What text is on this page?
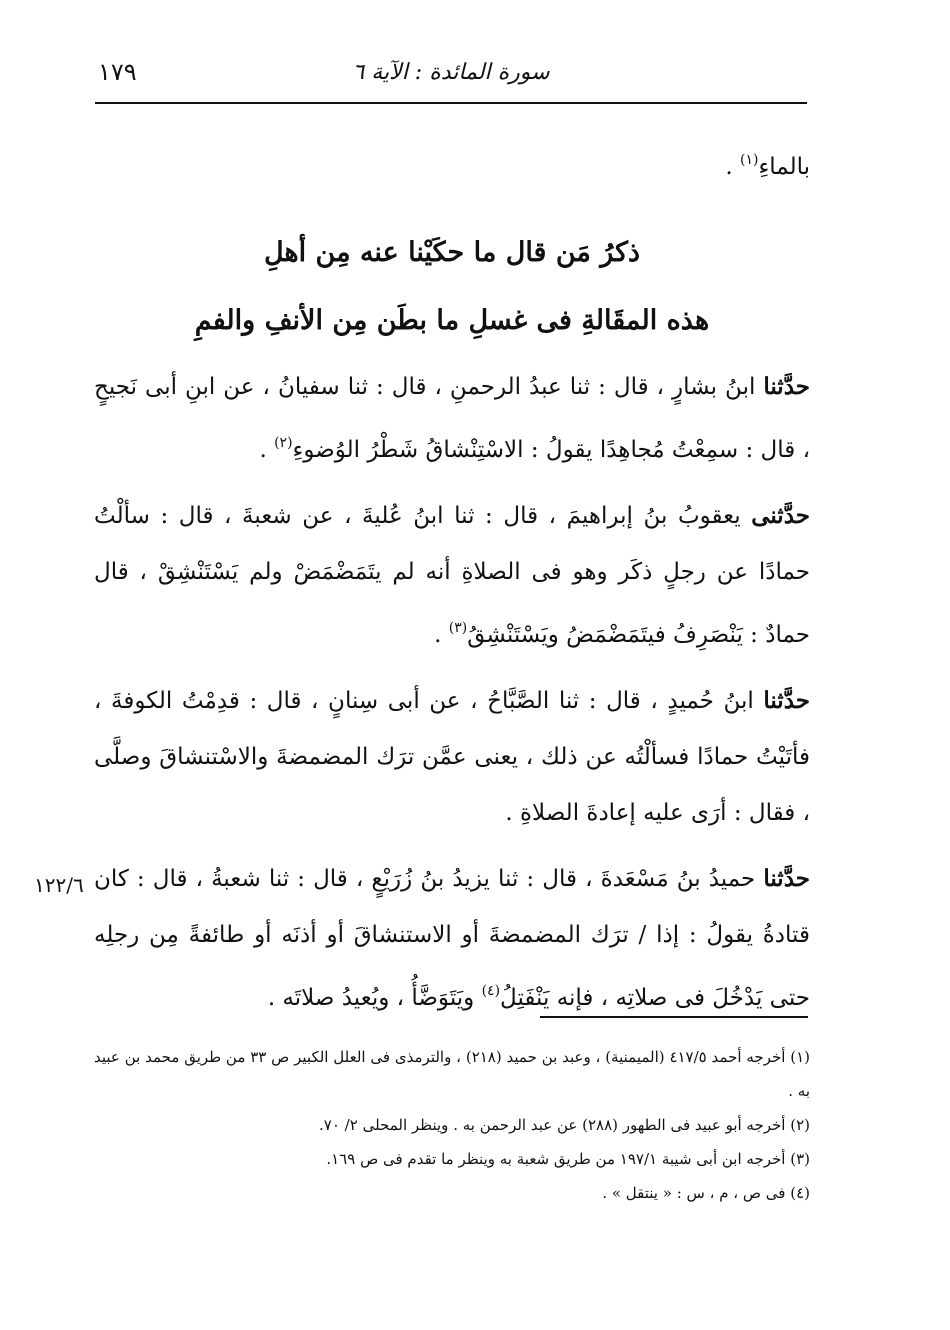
سورة المائدة : الآية ٦
١٧٩

بالماءِ$^{(١)}$ .

ذكرُ مَن قال ما حكَيْنا عنه مِن أهلِ

هذه المقَالةِ فى غسلِ ما بطَن مِن الأنفِ والفمِ

حدَّثنا ابنُ بشارٍ ، قال : ثنا عبدُ الرحمنِ ، قال : ثنا سفيانُ ، عن ابنِ أبى نَجيحٍ ، قال : سمِعْتُ مُجاهِدًا يقولُ : الاسْتِنْشاقُ شَطْرُ الوُضوءِ$^{(٢)}$ .

حدَّثنى يعقوبُ بنُ إبراهيمَ ، قال : ثنا ابنُ عُليةَ ، عن شعبةَ ، قال : سألْتُ حمادًا عن رجلٍ ذكَر وهو فى الصلاةِ أنه لم يتَمَضْمَضْ ولم يَسْتَنْشِقْ ، قال حمادٌ : يَنْصَرِفُ فيتَمَضْمَضُ ويَسْتَنْشِقُ$^{(٣)}$ .

حدَّثنا ابنُ حُميدٍ ، قال : ثنا الصَّبَّاحُ ، عن أبى سِنانٍ ، قال : قدِمْتُ الكوفةَ ، فأتَيْتُ حمادًا فسألْتُه عن ذلك ، يعنى عمَّن ترَك المضمضةَ والاسْتنشاقَ وصلَّى ، فقال : أرَى عليه إعادةَ الصلاةِ .

حدَّثنا حميدُ بنُ مَسْعَدةَ ، قال : ثنا يزيدُ بنُ زُرَيْعٍ ، قال : ثنا شعبةُ ، قال : كان قتادةُ يقولُ : إذا / ترَك المضمضةَ أو الاستنشاقَ أو أذنَه أو طائفةً مِن رجلِه حتى يَدْخُلَ فى صلاتِه ، فإنه يَنْفَتِلُ$^{(٤)}$ ويَتَوَضَّأُ ، ويُعيدُ صلاتَه .

١٢٢/٦

(١) أخرجه أحمد ٤١٧/٥ (الميمنية) ، وعبد بن حميد (٢١٨) ، والترمذى فى العلل الكبير ص ٣٣ من طريق محمد بن عبيد به .

(٢) أخرجه أبو عبيد فى الطهور (٢٨٨) عن عبد الرحمن به . وينظر المحلى ٢/ ٧٠.

(٣) أخرجه ابن أبى شيبة ١٩٧/١ من طريق شعبة به وينظر ما تقدم فى ص ١٦٩.

(٤) فى ص ، م ، س : « ينتقل » .
